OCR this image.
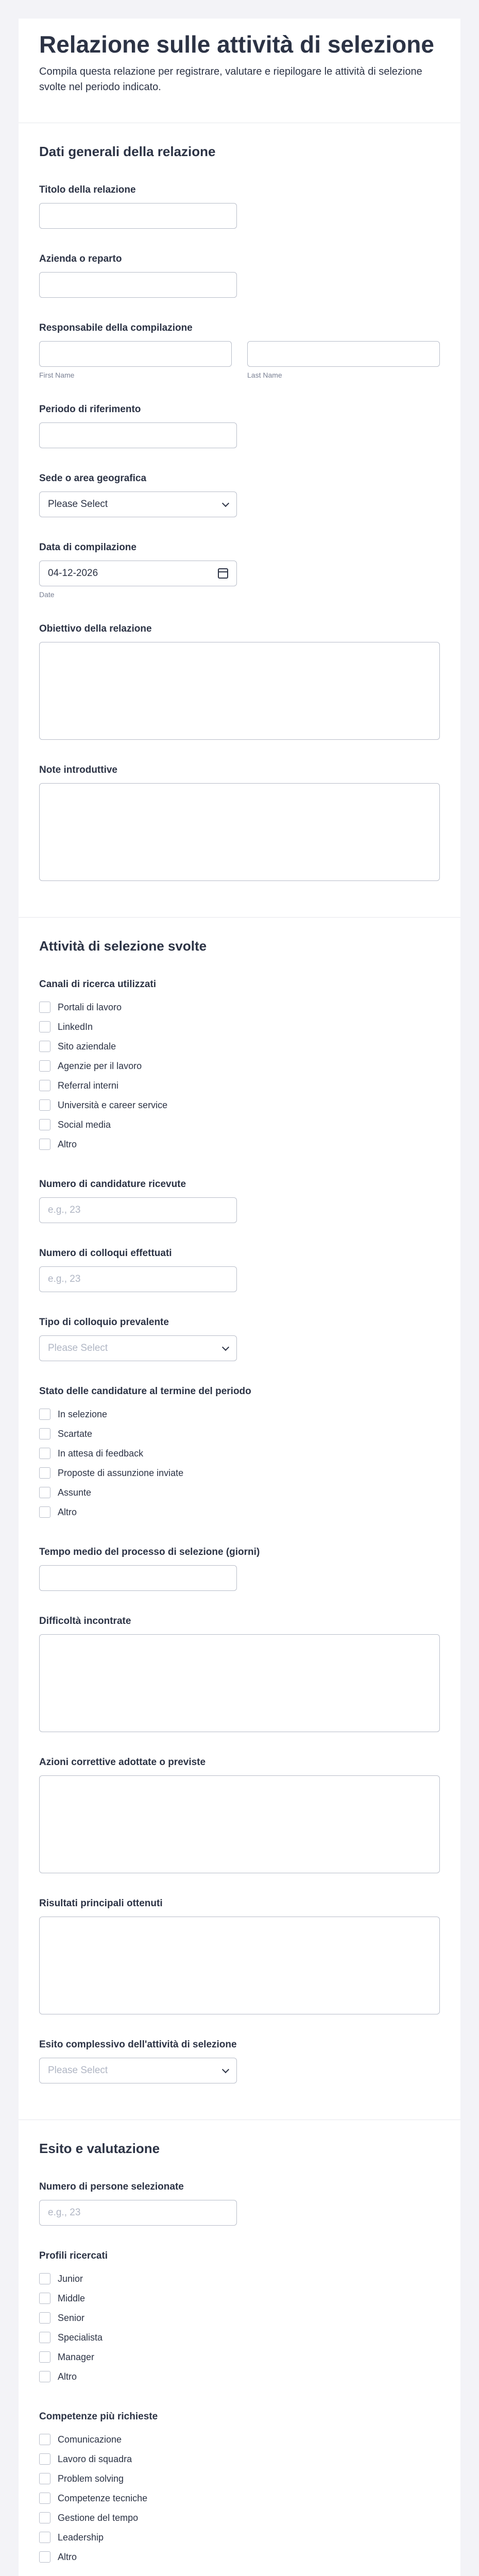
Relazione sulle attività di selezione
Compila questa relazione per registrare, valutare e riepilogare le attività di selezione svolte nel periodo indicato.
Dati generali della relazione
Titolo della relazione
Azienda o reparto
Responsabile della compilazione
First Name	Last Name
Periodo di riferimento
Sede o area geografica
Please Select
Data di compilazione
04-12-2026
Date
Obiettivo della relazione
Note introduttive
Attività di selezione svolte
Canali di ricerca utilizzati
Portali di lavoro
LinkedIn
Sito aziendale
Agenzie per il lavoro
Referral interni
Università e career service
Social media
Altro
Numero di candidature ricevute
e.g., 23
Numero di colloqui effettuati
e.g., 23
Tipo di colloquio prevalente
Please Select
Stato delle candidature al termine del periodo
In selezione
Scartate
In attesa di feedback
Proposte di assunzione inviate
Assunte
Altro
Tempo medio del processo di selezione (giorni)
Difficoltà incontrate
Azioni correttive adottate o previste
Risultati principali ottenuti
Esito complessivo dell'attività di selezione
Please Select
Esito e valutazione
Numero di persone selezionate
e.g., 23
Profili ricercati
Junior
Middle
Senior
Specialista
Manager
Altro
Competenze più richieste
Comunicazione
Lavoro di squadra
Problem solving
Competenze tecniche
Gestione del tempo
Leadership
Altro
